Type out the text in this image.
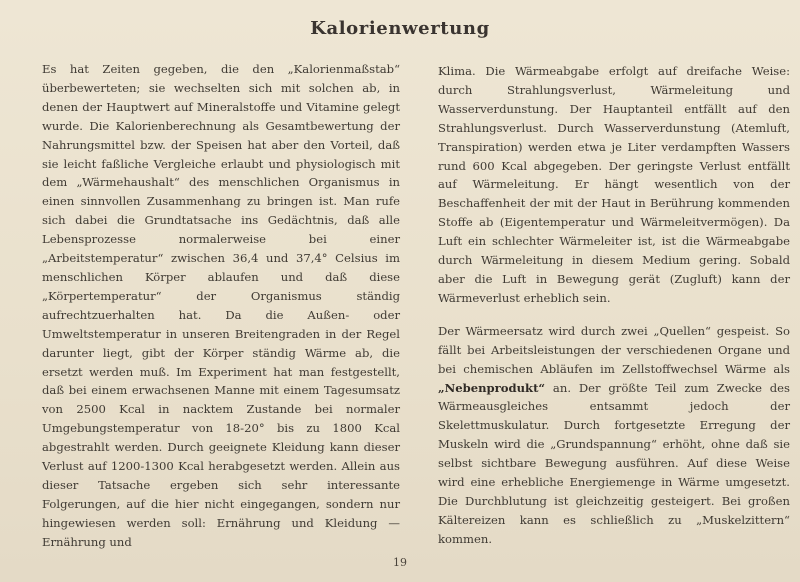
Kalorienwertung

Es hat Zeiten gegeben, die den „Kalorienmaßstab“ überbewerteten; sie wechselten sich mit solchen ab, in denen der Hauptwert auf Mineralstoffe und Vitamine gelegt wurde. Die Kalorienberechnung als Gesamtbewertung der Nahrungsmittel bzw. der Speisen hat aber den Vorteil, daß sie leicht faßliche Vergleiche erlaubt und physiologisch mit dem „Wärmehaushalt“ des menschlichen Organismus in einen sinnvollen Zusammenhang zu bringen ist. Man rufe sich dabei die Grundtatsache ins Gedächtnis, daß alle Lebensprozesse normalerweise bei einer „Arbeitstemperatur“ zwischen 36,4 und 37,4° Celsius im menschlichen Körper ablaufen und daß diese „Körpertemperatur“ der Organismus ständig aufrechtzuerhalten hat. Da die Außen- oder Umweltstemperatur in unseren Breitengraden in der Regel darunter liegt, gibt der Körper ständig Wärme ab, die ersetzt werden muß. Im Experiment hat man festgestellt, daß bei einem erwachsenen Manne mit einem Tagesumsatz von 2500 Kcal in nacktem Zustande bei normaler Umgebungstemperatur von 18-20° bis zu 1800 Kcal abgestrahlt werden. Durch geeignete Kleidung kann dieser Verlust auf 1200-1300 Kcal herabgesetzt werden. Allein aus dieser Tatsache ergeben sich sehr interessante Folgerungen, auf die hier nicht eingegangen, sondern nur hingewiesen werden soll: Ernährung und Kleidung — Ernährung und

Klima. Die Wärmeabgabe erfolgt auf dreifache Weise: durch Strahlungsverlust, Wärmeleitung und Wasserverdunstung. Der Hauptanteil entfällt auf den Strahlungsverlust. Durch Wasserverdunstung (Atemluft, Transpiration) werden etwa je Liter verdampften Wassers rund 600 Kcal abgegeben. Der geringste Verlust entfällt auf Wärmeleitung. Er hängt wesentlich von der Beschaffenheit der mit der Haut in Berührung kommenden Stoffe ab (Eigentemperatur und Wärmeleitvermögen). Da Luft ein schlechter Wärmeleiter ist, ist die Wärmeabgabe durch Wärmeleitung in diesem Medium gering. Sobald aber die Luft in Bewegung gerät (Zugluft) kann der Wärmeverlust erheblich sein.

Der Wärmeersatz wird durch zwei „Quellen“ gespeist. So fällt bei Arbeitsleistungen der verschiedenen Organe und bei chemischen Abläufen im Zellstoffwechsel Wärme als „Nebenprodukt“ an. Der größte Teil zum Zwecke des Wärmeausgleiches entsammt jedoch der Skelettmuskulatur. Durch fortgesetzte Erregung der Muskeln wird die „Grundspannung“ erhöht, ohne daß sie selbst sichtbare Bewegung ausführen. Auf diese Weise wird eine erhebliche Energiemenge in Wärme umgesetzt. Die Durchblutung ist gleichzeitig gesteigert. Bei großen Kältereizen kann es schließlich zu „Muskelzittern“ kommen.

19
